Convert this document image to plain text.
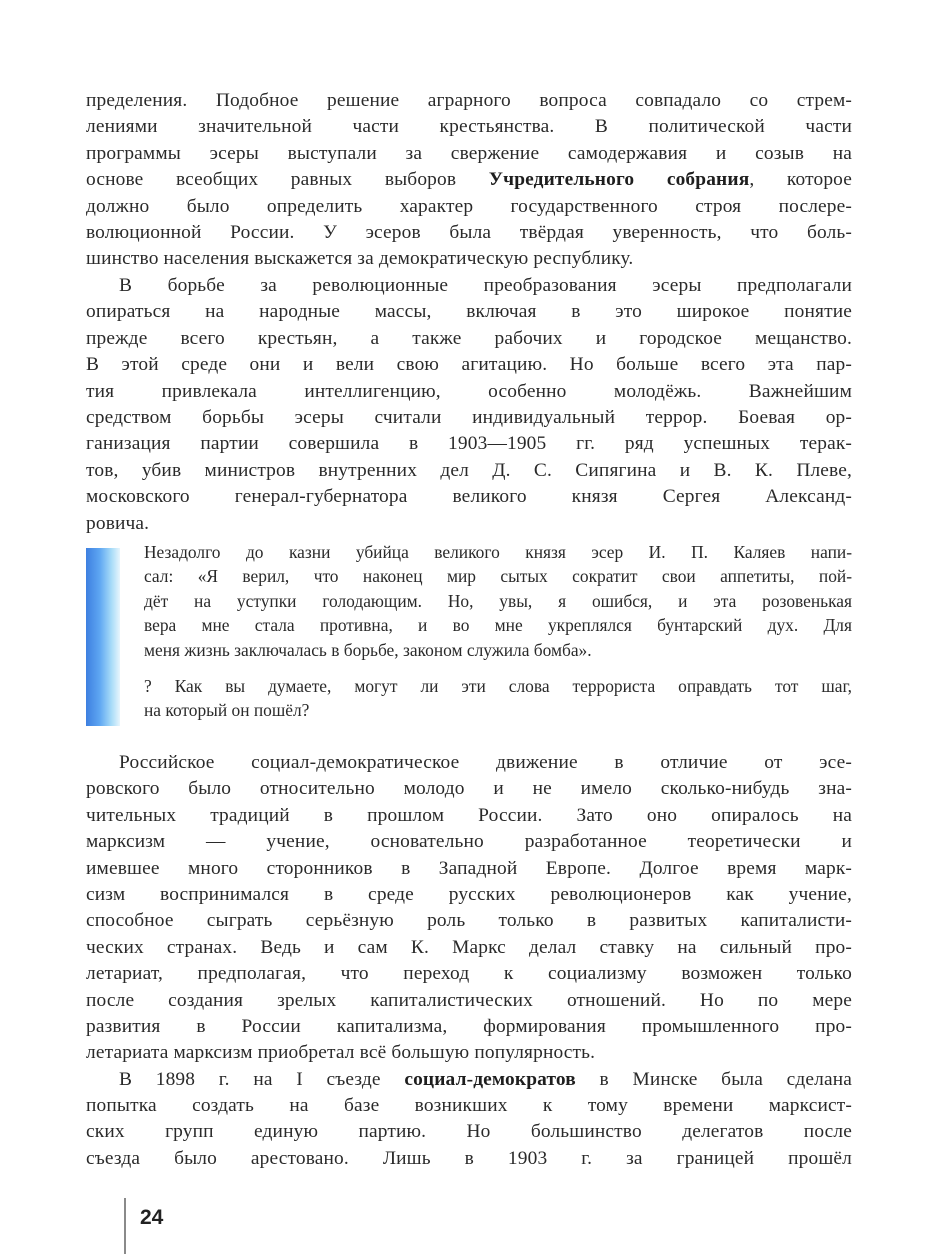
пределения. Подобное решение аграрного вопроса совпадало со стрем-
лениями значительной части крестьянства. В политической части
программы эсеры выступали за свержение самодержавия и созыв на
основе всеобщих равных выборов Учредительного собрания, которое
должно было определить характер государственного строя послере-
волюционной России. У эсеров была твёрдая уверенность, что боль-
шинство населения выскажется за демократическую республику.
В борьбе за революционные преобразования эсеры предполагали
опираться на народные массы, включая в это широкое понятие
прежде всего крестьян, а также рабочих и городское мещанство.
В этой среде они и вели свою агитацию. Но больше всего эта пар-
тия привлекала интеллигенцию, особенно молодёжь. Важнейшим
средством борьбы эсеры считали индивидуальный террор. Боевая ор-
ганизация партии совершила в 1903—1905 гг. ряд успешных терак-
тов, убив министров внутренних дел Д. С. Сипягина и В. К. Плеве,
московского генерал-губернатора великого князя Сергея Александ-
ровича.
Незадолго до казни убийца великого князя эсер И. П. Каляев напи-
сал: «Я верил, что наконец мир сытых сократит свои аппетиты, пой-
дёт на уступки голодающим. Но, увы, я ошибся, и эта розовенькая
вера мне стала противна, и во мне укреплялся бунтарский дух. Для
меня жизнь заключалась в борьбе, законом служила бомба».
? Как вы думаете, могут ли эти слова террориста оправдать тот шаг,
на который он пошёл?
Российское социал-демократическое движение в отличие от эсе-
ровского было относительно молодо и не имело сколько-нибудь зна-
чительных традиций в прошлом России. Зато оно опиралось на
марксизм — учение, основательно разработанное теоретически и
имевшее много сторонников в Западной Европе. Долгое время марк-
сизм воспринимался в среде русских революционеров как учение,
способное сыграть серьёзную роль только в развитых капиталисти-
ческих странах. Ведь и сам К. Маркс делал ставку на сильный про-
летариат, предполагая, что переход к социализму возможен только
после создания зрелых капиталистических отношений. Но по мере
развития в России капитализма, формирования промышленного про-
летариата марксизм приобретал всё большую популярность.
В 1898 г. на I съезде социал-демократов в Минске была сделана
попытка создать на базе возникших к тому времени марксист-
ских групп единую партию. Но большинство делегатов после
съезда было арестовано. Лишь в 1903 г. за границей прошёл
24
